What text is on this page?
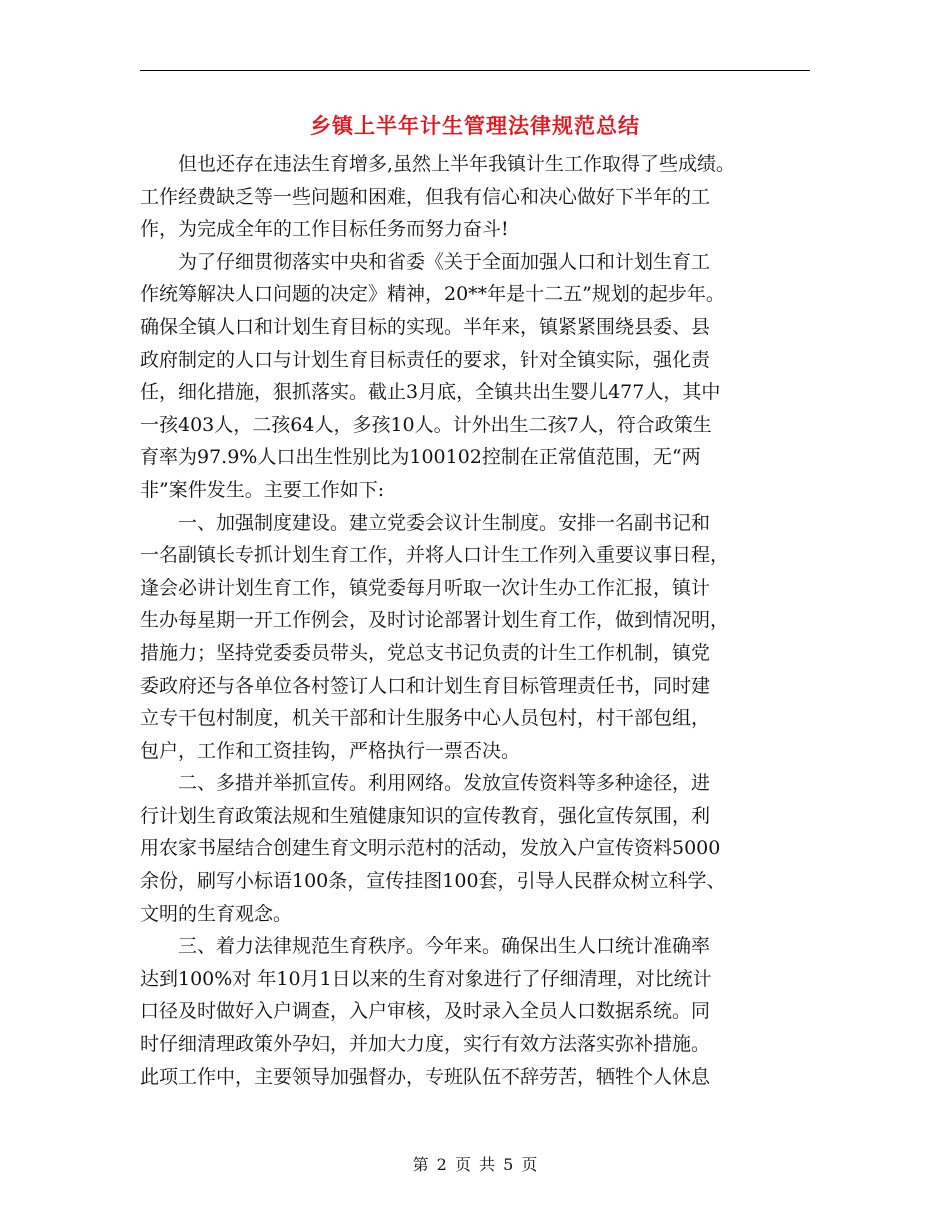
乡镇上半年计生管理法律规范总结

　　但也还存在违法生育增多,虽然上半年我镇计生工作取得了些成绩。
工作经费缺乏等一些问题和困难，但我有信心和决心做好下半年的工
作，为完成全年的工作目标任务而努力奋斗!

　　为了仔细贯彻落实中央和省委《关于全面加强人口和计划生育工
作统筹解决人口问题的决定》精神，20**年是十二五”规划的起步年。
确保全镇人口和计划生育目标的实现。半年来，镇紧紧围绕县委、县
政府制定的人口与计划生育目标责任的要求，针对全镇实际，强化责
任，细化措施，狠抓落实。截止3月底，全镇共出生婴儿477人，其中
一孩403人，二孩64人，多孩10人。计外出生二孩7人，符合政策生
育率为97.9%人口出生性别比为100102控制在正常值范围，无“两
非”案件发生。主要工作如下:

　　一、加强制度建设。建立党委会议计生制度。安排一名副书记和
一名副镇长专抓计划生育工作，并将人口计生工作列入重要议事日程，
逢会必讲计划生育工作，镇党委每月听取一次计生办工作汇报，镇计
生办每星期一开工作例会，及时讨论部署计划生育工作，做到情况明，
措施力；坚持党委委员带头，党总支书记负责的计生工作机制，镇党
委政府还与各单位各村签订人口和计划生育目标管理责任书，同时建
立专干包村制度，机关干部和计生服务中心人员包村，村干部包组，
包户，工作和工资挂钩，严格执行一票否决。

　　二、多措并举抓宣传。利用网络。发放宣传资料等多种途径，进
行计划生育政策法规和生殖健康知识的宣传教育，强化宣传氛围，利
用农家书屋结合创建生育文明示范村的活动，发放入户宣传资料5000
余份，刷写小标语100条，宣传挂图100套，引导人民群众树立科学、
文明的生育观念。

　　三、着力法律规范生育秩序。今年来。确保出生人口统计准确率
达到100%对 年10月1日以来的生育对象进行了仔细清理，对比统计
口径及时做好入户调查，入户审核，及时录入全员人口数据系统。同
时仔细清理政策外孕妇，并加大力度，实行有效方法落实弥补措施。
此项工作中，主要领导加强督办，专班队伍不辞劳苦，牺牲个人休息

第 2 页 共 5 页
